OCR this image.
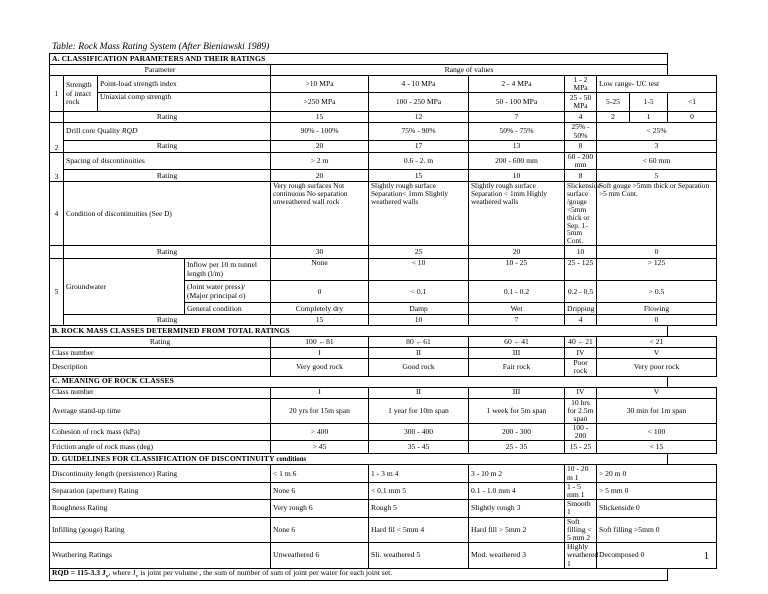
Table: Rock Mass Rating System (After Bieniawski 1989)
A. CLASSIFICATION PARAMETERS AND THEIR RATINGS										
Parameter				Range of values						
1	Strength of intact rock	Point-load strength index		>10 MPa	4 - 10 MPa	2 - 4 MPa	1 - 2 MPa	Low range- UC test		
		Uniaxial comp strength		>250 MPa	100 - 250 MPa	50 - 100 MPa	25 - 50 MPa	5-25	1-5	<1
	Rating			15	12	7	4	2	1	0
2	Drill core Quality RQD			90% - 100%	75% - 90%	50% - 75%	25% - 50%	< 25%		
	Rating			20	17	13	8	3		
3	Spacing of discontinuities			> 2 m	0.6 - 2. m	200 - 600 mm	60 - 200 mm	< 60 mm		
	Rating			20	15	10	8	5		
4	Condition of discontinuities (See D)			Very rough surfaces Not continuous No separation unweathered wall rock	Slightly rough surface Separation< 1mm Slightly weathered walls	Slightly rough surface Separation < 1mm Highly weathered walls	Slickenside surface /gouge <5mm thick or Sep. 1-5mm Cont.	Soft gouge >5mm thick or Separation >5 mm Cont.		
	Rating			30	25	20	10	0		
5	Groundwater		Inflow per 10 m tunnel length (l/m)	None	< 10	10 - 25	25 - 125	> 125		
			(Joint water press)/ (Major principal σ)	0	< 0.1	0.1 - 0.2	0.2 - 0.5	> 0.5		
			General condition	Completely dry	Damp	Wet	Dripping	Flowing		
	Rating			15	10	7	4	0		
B. ROCK MASS CLASSES DETERMINED FROM TOTAL RATINGS										
Rating				100 ←81	80 ←61	60 ←41	40 ←21	< 21		
Class number				I	II	III	IV	V		
Description				Very good rock	Good rock	Fair rock	Poor rock	Very poor rock		
C. MEANING OF ROCK CLASSES										
Class number				I	II	III	IV	V		
Average stand-up time				20 yrs for 15m span	1 year for 10m span	1 week for 5m span	10 hrs for 2.5m span	30 min for 1m span		
Cohesion of rock mass (kPa)				> 400	300 - 400	200 - 300	100 - 200	< 100		
Friction angle of rock mass (deg)				> 45	35 - 45	25 - 35	15 - 25	< 15		
D. GUIDELINES FOR CLASSIFICATION OF DISCONTINUITY conditions										
Discontinuity length (persistence) Rating				< 1 m 6	1 - 3 m 4	3 - 10 m 2	10 - 20 m 1	> 20 m 0		
Separation (aperture) Rating				None 6	< 0.1 mm 5	0.1 - 1.0 mm 4	1 - 5 mm 1	> 5 mm 0		
Roughness Rating				Very rough 6	Rough 5	Slightly rough 3	Smooth 1	Slickenside 0		
Infilling (gouge) Rating				None 6	Hard fil < 5mm 4	Hard fill > 5mm 2	Soft filling < 5 mm 2	Soft filling >5mm 0		
Weathering Ratings				Unweathered 6	Sli. weathered 5	Mod. weathered 3	Highly weathered 1	Decomposed 0		
RQD = 115-3.3 $J_v$, where $J_v$ is joint per volume , the sum of number of sum of joint per water for each joint set.										
1
